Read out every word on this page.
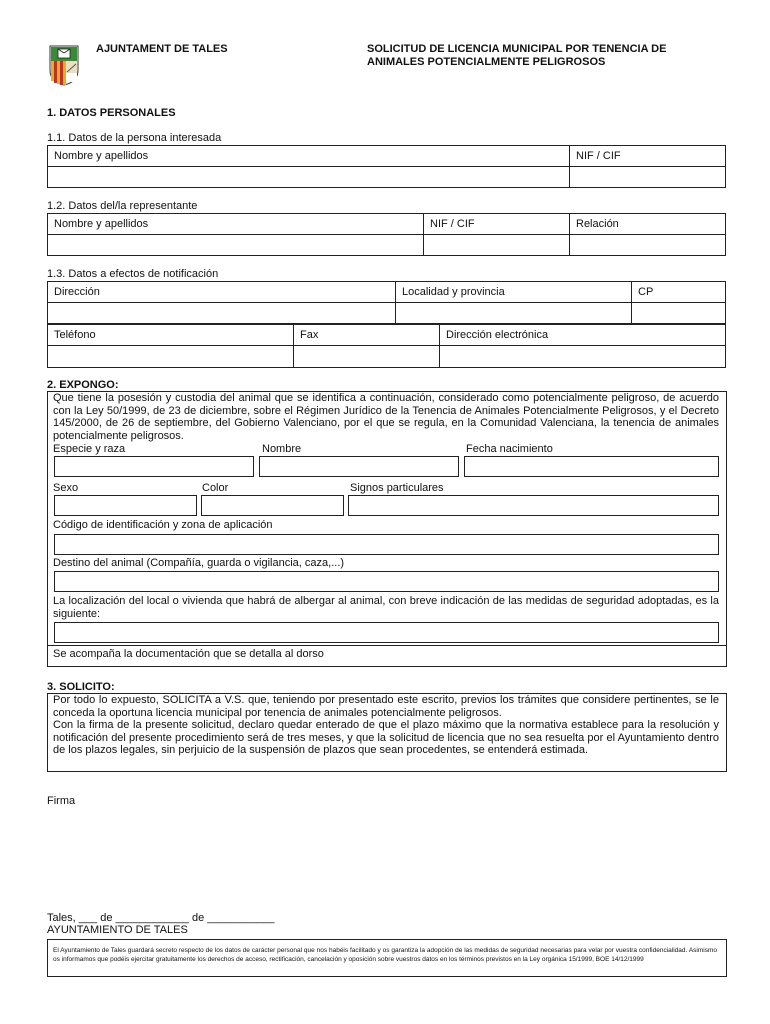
AJUNTAMENT DE TALES	SOLICITUD DE LICENCIA MUNICIPAL POR TENENCIA DE
ANIMALES POTENCIALMENTE PELIGROSOS
1. DATOS PERSONALES
1.1. Datos de la persona interesada
Nombre y apellidos	NIF / CIF

1.2. Datos del/la representante
Nombre y apellidos	NIF / CIF	Relación

1.3. Datos a efectos de notificación
Dirección	Localidad y provincia	CP

Teléfono	Fax	Dirección electrónica

2. EXPONGO:
Que tiene la posesión y custodia del animal que se identifica a continuación, considerado como potencialmente peligroso, de acuerdo con la Ley 50/1999, de 23 de diciembre, sobre el Régimen Jurídico de la Tenencia de Animales Potencialmente Peligrosos, y el Decreto 145/2000, de 26 de septiembre, del Gobierno Valenciano, por el que se regula, en la Comunidad Valenciana, la tenencia de animales potencialmente peligrosos.
Especie y raza	Nombre	Fecha nacimiento
Sexo	Color	Signos particulares
Código de identificación y zona de aplicación
Destino del animal (Compañía, guarda o vigilancia, caza,...)
La localización del local o vivienda que habrá de albergar al animal, con breve indicación de las medidas de seguridad adoptadas, es la siguiente:
Se acompaña la documentación que se detalla al dorso
3. SOLICITO:
Por todo lo expuesto, SOLICITA a V.S. que, teniendo por presentado este escrito, previos los trámites que considere pertinentes, se le conceda la oportuna licencia municipal por tenencia de animales potencialmente peligrosos.
Con la firma de la presente solicitud, declaro quedar enterado de que el plazo máximo que la normativa establece para la resolución y notificación del presente procedimiento será de tres meses, y que la solicitud de licencia que no sea resuelta por el Ayuntamiento dentro de los plazos legales, sin perjuicio de la suspensión de plazos que sean procedentes, se entenderá estimada.
Firma
Tales, ___ de ____________ de ___________
AYUNTAMIENTO DE TALES
El Ayuntamiento de Tales guardará secreto respecto de los datos de carácter personal que nos habéis facilitado y os garantiza la adopción de las medidas de seguridad necesarias para velar por vuestra confidencialidad. Asimismo os informamos que podéis ejercitar gratuitamente los derechos de acceso, rectificación, cancelación y oposición sobre vuestros datos en los términos previstos en la Ley orgánica 15/1999, BOE 14/12/1999
